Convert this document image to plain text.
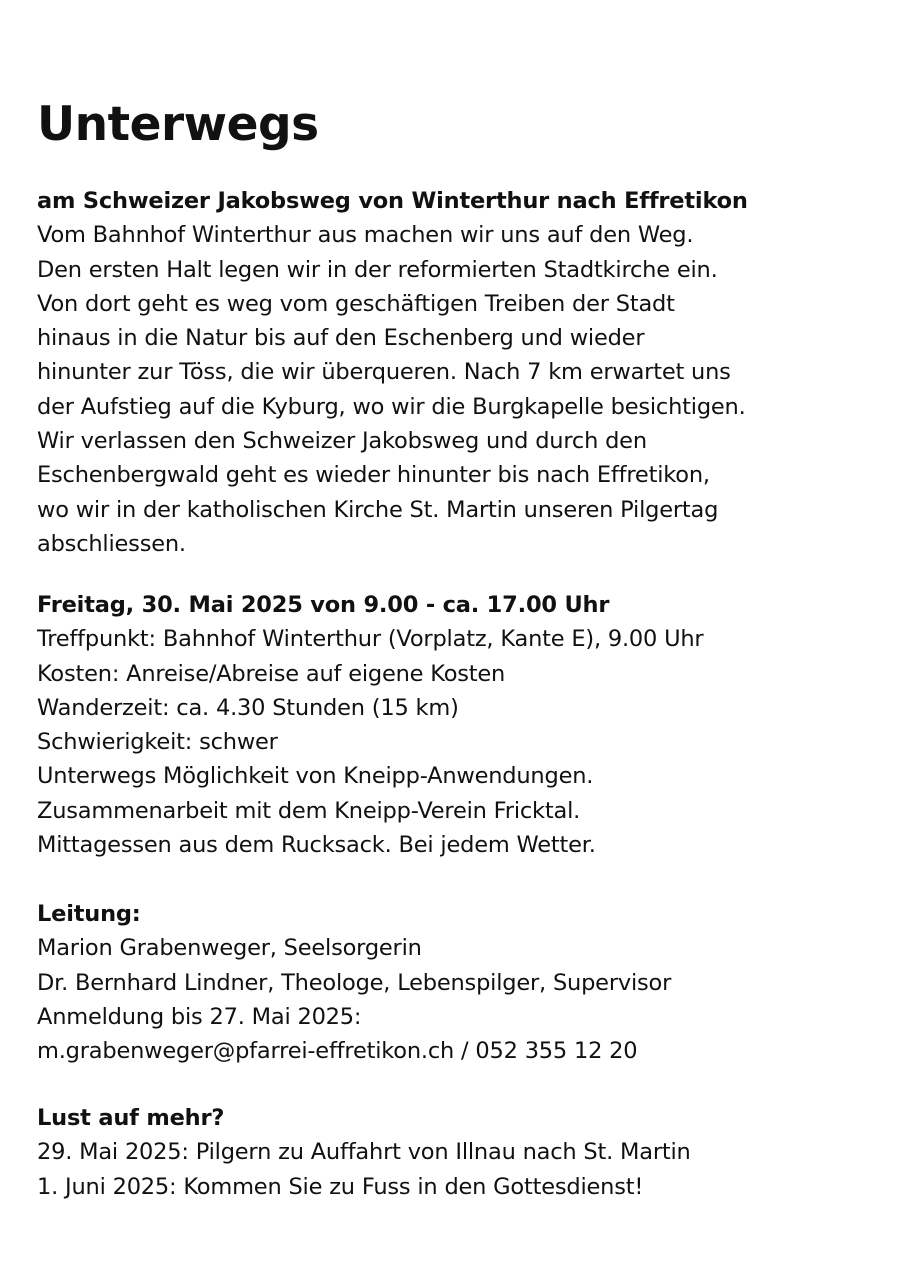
Unterwegs
am Schweizer Jakobsweg von Winterthur nach Effretikon
Vom Bahnhof Winterthur aus machen wir uns auf den Weg.
Den ersten Halt legen wir in der reformierten Stadtkirche ein.
Von dort geht es weg vom geschäftigen Treiben der Stadt
hinaus in die Natur bis auf den Eschenberg und wieder
hinunter zur Töss, die wir überqueren. Nach 7 km erwartet uns
der Aufstieg auf die Kyburg, wo wir die Burgkapelle besichtigen.
Wir verlassen den Schweizer Jakobsweg und durch den
Eschenbergwald geht es wieder hinunter bis nach Effretikon,
wo wir in der katholischen Kirche St. Martin unseren Pilgertag
abschliessen.
Freitag, 30. Mai 2025 von 9.00 - ca. 17.00 Uhr
Treffpunkt: Bahnhof Winterthur (Vorplatz, Kante E), 9.00 Uhr
Kosten: Anreise/Abreise auf eigene Kosten
Wanderzeit: ca. 4.30 Stunden (15 km)
Schwierigkeit: schwer
Unterwegs Möglichkeit von Kneipp-Anwendungen.
Zusammenarbeit mit dem Kneipp-Verein Fricktal.
Mittagessen aus dem Rucksack. Bei jedem Wetter.
Leitung:
Marion Grabenweger, Seelsorgerin
Dr. Bernhard Lindner, Theologe, Lebenspilger, Supervisor
Anmeldung bis 27. Mai 2025:
m.grabenweger@pfarrei-effretikon.ch / 052 355 12 20
Lust auf mehr?
29. Mai 2025: Pilgern zu Auffahrt von Illnau nach St. Martin
1. Juni 2025: Kommen Sie zu Fuss in den Gottesdienst!
